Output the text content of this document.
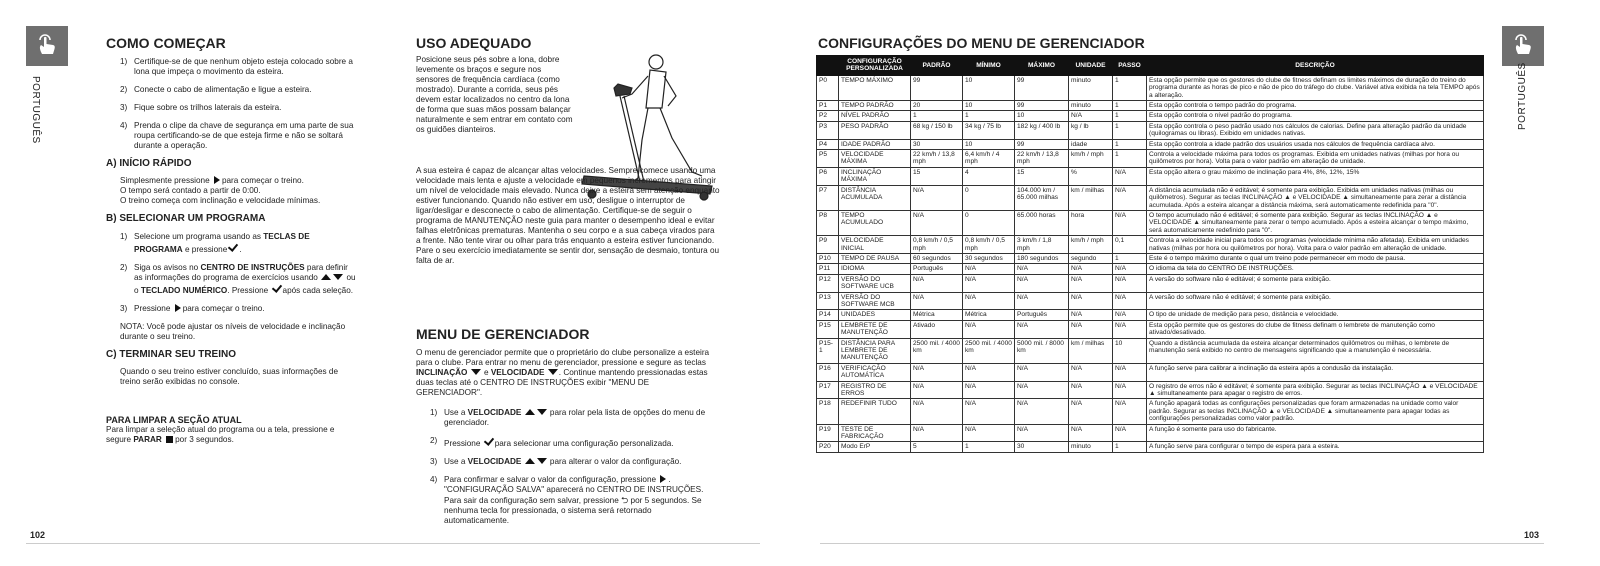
PORTUGUÊS
COMO COMEÇAR
1) Certifique-se de que nenhum objeto esteja colocado sobre a lona que impeça o movimento da esteira.
2) Conecte o cabo de alimentação e ligue a esteira.
3) Fique sobre os trilhos laterais da esteira.
4) Prenda o clipe da chave de segurança em uma parte de sua roupa certificando-se de que esteja firme e não se soltará durante a operação.
A) INÍCIO RÁPIDO
Simplesmente pressione para começar o treino.
O tempo será contado a partir de 0:00.
O treino começa com inclinação e velocidade mínimas.
B) SELECIONAR UM PROGRAMA
1) Selecione um programa usando as TECLAS DE PROGRAMA e pressione .
2) Siga os avisos no CENTRO DE INSTRUÇÕES para definir as informações do programa de exercícios usando	ou o TECLADO NUMÉRICO. Pressione após cada seleção.
3) Pressione para começar o treino.
NOTA: Você pode ajustar os níveis de velocidade e inclinação durante o seu treino.
C) TERMINAR SEU TREINO
Quando o seu treino estiver concluído, suas informações de treino serão exibidas no console.
PARA LIMPAR A SEÇÃO ATUAL
Para limpar a seleção atual do programa ou a tela, pressione e segure PARAR por 3 segundos.
USO ADEQUADO
Posicione seus pés sobre a lona, dobre levemente os braços e segure nos sensores de frequência cardíaca (como mostrado). Durante a corrida, seus pés devem estar localizados no centro da lona de forma que suas mãos possam balançar naturalmente e sem entrar em contato com os guidões dianteiros.
A sua esteira é capaz de alcançar altas velocidades. Sempre comece usando uma velocidade mais lenta e ajuste a velocidade em pequenos incrementos para atingir um nível de velocidade mais elevado. Nunca deixe a esteira sem atenção enquanto estiver funcionando. Quando não estiver em uso, desligue o interruptor de ligar/desligar e desconecte o cabo de alimentação. Certifique-se de seguir o programa de MANUTENÇÃO neste guia para manter o desempenho ideal e evitar falhas eletrônicas prematuras. Mantenha o seu corpo e a sua cabeça virados para a frente. Não tente virar ou olhar para trás enquanto a esteira estiver funcionando. Pare o seu exercício imediatamente se sentir dor, sensação de desmaio, tontura ou falta de ar.
MENU DE GERENCIADOR

O menu de gerenciador permite que o proprietário do clube personalize a esteira para o clube. Para entrar no menu de gerenciador, pressione e segure as teclas INCLINAÇÃO e VELOCIDADE . Continue mantendo pressionadas estas duas teclas até o CENTRO DE INSTRUÇÕES exibir "MENU DE GERENCIADOR".

1) Use a VELOCIDADE	para rolar pela lista de opções do menu de gerenciador.
2) Pressione para selecionar uma configuração personalizada.
3) Use a VELOCIDADE	para alterar o valor da configuração.
4) Para confirmar e salvar o valor da configuração, pressione . "CONFIGURAÇÃO SALVA" aparecerá no CENTRO DE INSTRUÇÕES. Para sair da configuração sem salvar, pressione ⮌ por 5 segundos. Se nenhuma tecla for pressionada, o sistema será retornado automaticamente.
102
CONFIGURAÇÕES DO MENU DE GERENCIADOR
	CONFIGURAÇÃO PERSONALIZADA	PADRÃO	MÍNIMO	MÁXIMO	UNIDADE	PASSO	DESCRIÇÃO
P0	TEMPO MÁXIMO	99	10	99	minuto	1	Esta opção permite que os gestores do clube de fitness definam os limites máximos de duração do treino do programa durante as horas de pico e não de pico do tráfego do clube. Variável ativa exibida na tela TEMPO após a alteração.
P1	TEMPO PADRÃO	20	10	99	minuto	1	Esta opção controla o tempo padrão do programa.
P2	NÍVEL PADRÃO	1	1	10	N/A	1	Esta opção controla o nível padrão do programa.
P3	PESO PADRÃO	68 kg / 150 lb	34 kg / 75 lb	182 kg / 400 lb	kg / lb	1	Esta opção controla o peso padrão usado nos cálculos de calorias. Define para alteração padrão da unidade (quilogramas ou libras). Exibido em unidades nativas.
P4	IDADE PADRÃO	30	10	99	idade	1	Esta opção controla a idade padrão dos usuários usada nos cálculos de frequência cardíaca alvo.
P5	VELOCIDADE MÁXIMA	22 km/h / 13,8 mph	6,4 km/h / 4 mph	22 km/h / 13,8 mph	km/h / mph	1	Controla a velocidade máxima para todos os programas. Exibida em unidades nativas (milhas por hora ou quilômetros por hora). Volta para o valor padrão em alteração de unidade.
P6	INCLINAÇÃO MÁXIMA	15	4	15	%	N/A	Esta opção altera o grau máximo de inclinação para 4%, 8%, 12%, 15%
P7	DISTÂNCIA ACUMULADA	N/A	0	104.000 km / 65.000 milhas	km / milhas	N/A	A distância acumulada não é editável; é somente para exibição. Exibida em unidades nativas (milhas ou quilômetros). Segurar as teclas INCLINAÇÃO ▲ e VELOCIDADE ▲ simultaneamente para zerar a distância acumulada. Após a esteira alcançar a distância máxima, será automaticamente redefinida para "0".
P8	TEMPO ACUMULADO	N/A	0	65.000 horas	hora	N/A	O tempo acumulado não é editável; é somente para exibição. Segurar as teclas INCLINAÇÃO ▲ e VELOCIDADE ▲ simultaneamente para zerar o tempo acumulado. Após a esteira alcançar o tempo máximo, será automaticamente redefinido para "0".
P9	VELOCIDADE INICIAL	0,8 km/h / 0,5 mph	0,8 km/h / 0,5 mph	3 km/h / 1,8 mph	km/h / mph	0,1	Controla a velocidade inicial para todos os programas (velocidade mínima não afetada). Exibida em unidades nativas (milhas por hora ou quilômetros por hora). Volta para o valor padrão em alteração de unidade.
P10	TEMPO DE PAUSA	60 segundos	30 segundos	180 segundos	segundo	1	Este é o tempo máximo durante o qual um treino pode permanecer em modo de pausa.
P11	IDIOMA	Português	N/A	N/A	N/A	N/A	O idioma da tela do CENTRO DE INSTRUÇÕES.
P12	VERSÃO DO SOFTWARE UCB	N/A	N/A	N/A	N/A	N/A	A versão do software não é editável; é somente para exibição.
P13	VERSÃO DO SOFTWARE MCB	N/A	N/A	N/A	N/A	N/A	A versão do software não é editável; é somente para exibição.
P14	UNIDADES	Métrica	Métrica	Português	N/A	N/A	O tipo de unidade de medição para peso, distância e velocidade.
P15	LEMBRETE DE MANUTENÇÃO	Ativado	N/A	N/A	N/A	N/A	Esta opção permite que os gestores do clube de fitness definam o lembrete de manutenção como ativado/desativado.
P15-1	DISTÂNCIA PARA LEMBRETE DE MANUTENÇÃO	2500 mil. / 4000 km	2500 mil. / 4000 km	5000 mil. / 8000 km	km / milhas	10	Quando a distância acumulada da esteira alcançar determinados quilômetros ou milhas, o lembrete de manutenção será exibido no centro de mensagens significando que a manutenção é necessária.
P16	VERIFICAÇÃO AUTOMÁTICA	N/A	N/A	N/A	N/A	N/A	A função serve para calibrar a inclinação da esteira após a condusão da instalação.
P17	REGISTRO DE ERROS	N/A	N/A	N/A	N/A	N/A	O registro de erros não é editável; é somente para exibição. Segurar as teclas INCLINAÇÃO ▲ e VELOCIDADE ▲ simultaneamente para apagar o registro de erros.
P18	REDEFINIR TUDO	N/A	N/A	N/A	N/A	N/A	A função apagará todas as configurações personalizadas que foram armazenadas na unidade como valor padrão. Segurar as teclas INCLINAÇÃO ▲ e VELOCIDADE ▲ simultaneamente para apagar todas as configurações personalizadas como valor padrão.
P19	TESTE DE FABRICAÇÃO	N/A	N/A	N/A	N/A	N/A	A função é somente para uso do fabricante.
P20	Modo ErP	5	1	30	minuto	1	A função serve para configurar o tempo de espera para a esteira.
PORTUGUÊS
103
